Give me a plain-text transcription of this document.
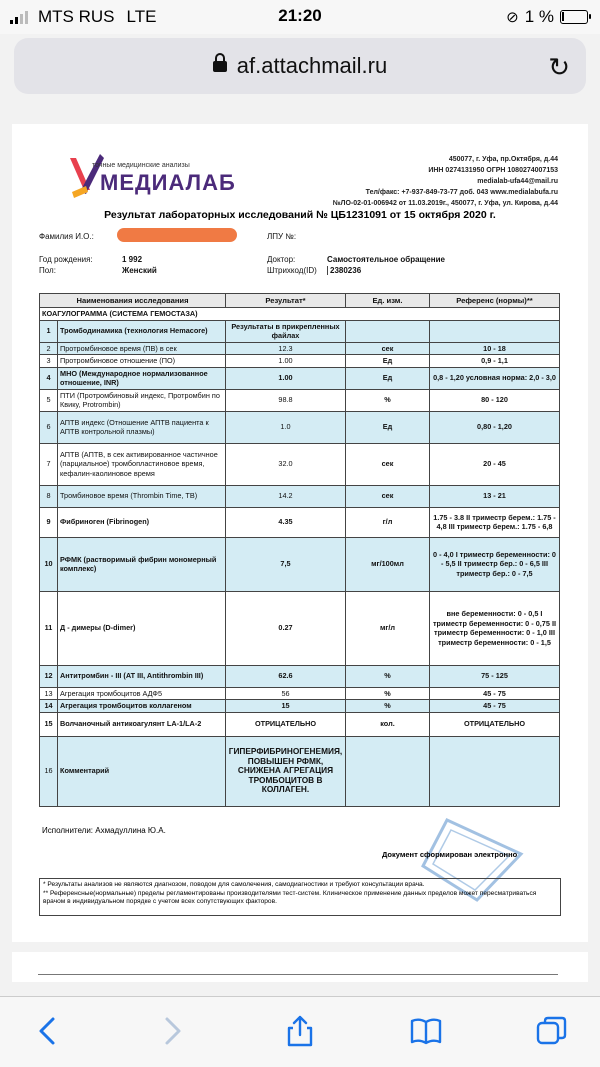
MTS RUS LTE	21:20	⊘ 1 %
af.attachmail.ru	↻
точные медицинские анализы
МЕДИАЛАБ
450077, г. Уфа, пр.Октября, д.44
ИНН 0274131950 ОГРН 1080274007153
medialab-ufa44@mail.ru
Тел/факс: +7-937-849-73-77 доб. 043 www.medialabufa.ru
№ЛО-02-01-006942 от 11.03.2019г., 450077, г. Уфа, ул. Кирова, д.44
Результат лабораторных исследований № ЦБ1231091 от 15 октября 2020 г.
Фамилия И.О.:	ЛПУ №:
Год рождения:	1 992	Доктор:	Самостоятельное обращение
Пол:	Женский	Штрихкод(ID)	2380236
Наименования исследования		Результат*	Ед. изм.	Референс (нормы)**
КОАГУЛОГРАММА (СИСТЕМА ГЕМОСТАЗА)				
1	Тромбодинамика (технология Hemacore)	Результаты в прикрепленных файлах		
2	Протромбиновое время (ПВ) в сек	12.3	сек	10 - 18
3	Протромбиновое отношение (ПО)	1.00	Ед	0,9 - 1,1
4	МНО (Международное нормализованное отношение, INR)	1.00	Ед	0,8 - 1,20 условная норма: 2,0 - 3,0
5	ПТИ (Протромбиновый индекс, Протромбин по Квику, Protrombin)	98.8	%	80 - 120
6	АПТВ индекс (Отношение АПТВ пациента к АПТВ контрольной плазмы)	1.0	Ед	0,80 - 1,20
7	АПТВ (АПТВ, в сек активированное частичное (парциальное) тромбопластиновое время, кефалин-каолиновое время	32.0	сек	20 - 45
8	Тромбиновое время (Thrombin Time, TB)	14.2	сек	13 - 21
9	Фибриноген (Fibrinogen)	4.35	г/л	1.75 - 3.8 II триместр берем.: 1.75 - 4,8 III триместр берем.: 1.75 - 6,8
10	РФМК (растворимый фибрин мономерный комплекс)	7,5	мг/100мл	0 - 4,0 I триместр беременности: 0 - 5,5 II триместр бер.: 0 - 6,5 III триместр бер.: 0 - 7,5
11	Д - димеры (D-dimer)	0.27	мг/л	вне беременности: 0 - 0,5 I триместр беременности: 0 - 0,75 II триместр беременности: 0 - 1,0 III триместр беременности: 0 - 1,5
12	Антитромбин - III (AT III, Antithrombin III)	62.6	%	75 - 125
13	Агрегация тромбоцитов АДФ5	56	%	45 - 75
14	Агрегация тромбоцитов коллагеном	15	%	45 - 75
15	Волчаночный антикоагулянт LA-1/LA-2	ОТРИЦАТЕЛЬНО	кол.	ОТРИЦАТЕЛЬНО
16	Комментарий	ГИПЕРФИБРИНОГЕНЕМИЯ, ПОВЫШЕН РФМК, СНИЖЕНА АГРЕГАЦИЯ ТРОМБОЦИТОВ В КОЛЛАГЕН.		
Исполнители: Ахмадуллина Ю.А.
Документ сформирован электронно
* Результаты анализов не являются диагнозом, поводом для самолечения, самодиагностики и требуют консультации врача.
** Референсные(нормальные) пределы регламентированы производителями тест-систем. Клиническое применение данных пределов может пересматриваться врачом в индивидуальном порядке с учетом всех сопутствующих факторов.
